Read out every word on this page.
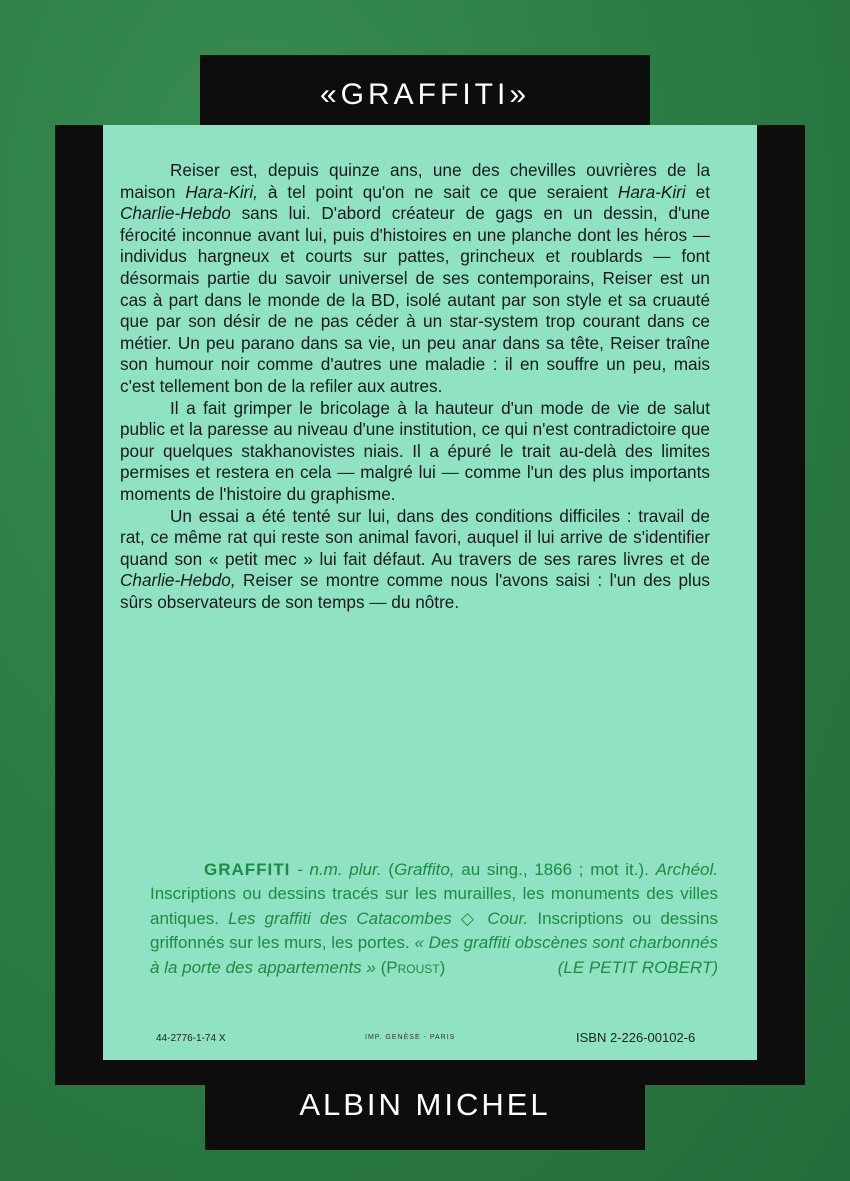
«GRAFFITI»

Reiser est, depuis quinze ans, une des chevilles ouvrières de la maison Hara-Kiri, à tel point qu'on ne sait ce que seraient Hara-Kiri et Charlie-Hebdo sans lui. D'abord créateur de gags en un dessin, d'une férocité inconnue avant lui, puis d'histoires en une planche dont les héros — individus hargneux et courts sur pattes, grincheux et roublards — font désormais partie du savoir universel de ses contemporains, Reiser est un cas à part dans le monde de la BD, isolé autant par son style et sa cruauté que par son désir de ne pas céder à un star-system trop courant dans ce métier. Un peu parano dans sa vie, un peu anar dans sa tête, Reiser traîne son humour noir comme d'autres une maladie : il en souffre un peu, mais c'est tellement bon de la refiler aux autres.

Il a fait grimper le bricolage à la hauteur d'un mode de vie de salut public et la paresse au niveau d'une institution, ce qui n'est contradictoire que pour quelques stakhanovistes niais. Il a épuré le trait au-delà des limites permises et restera en cela — malgré lui — comme l'un des plus importants moments de l'histoire du graphisme.

Un essai a été tenté sur lui, dans des conditions difficiles : travail de rat, ce même rat qui reste son animal favori, auquel il lui arrive de s'identifier quand son « petit mec » lui fait défaut. Au travers de ses rares livres et de Charlie-Hebdo, Reiser se montre comme nous l'avons saisi : l'un des plus sûrs observateurs de son temps — du nôtre.

GRAFFITI - n.m. plur. (Graffito, au sing., 1866 ; mot it.). Archéol. Inscriptions ou dessins tracés sur les murailles, les monuments des villes antiques. Les graffiti des Catacombes ◇ Cour. Inscriptions ou dessins griffonnés sur les murs, les portes. « Des graffiti obscènes sont charbonnés à la porte des appartements » (Proust)	(LE PETIT ROBERT)
44-2776-1-74 X	IMP. GENÈSE - PARIS	ISBN 2-226-00102-6
ALBIN MICHEL
